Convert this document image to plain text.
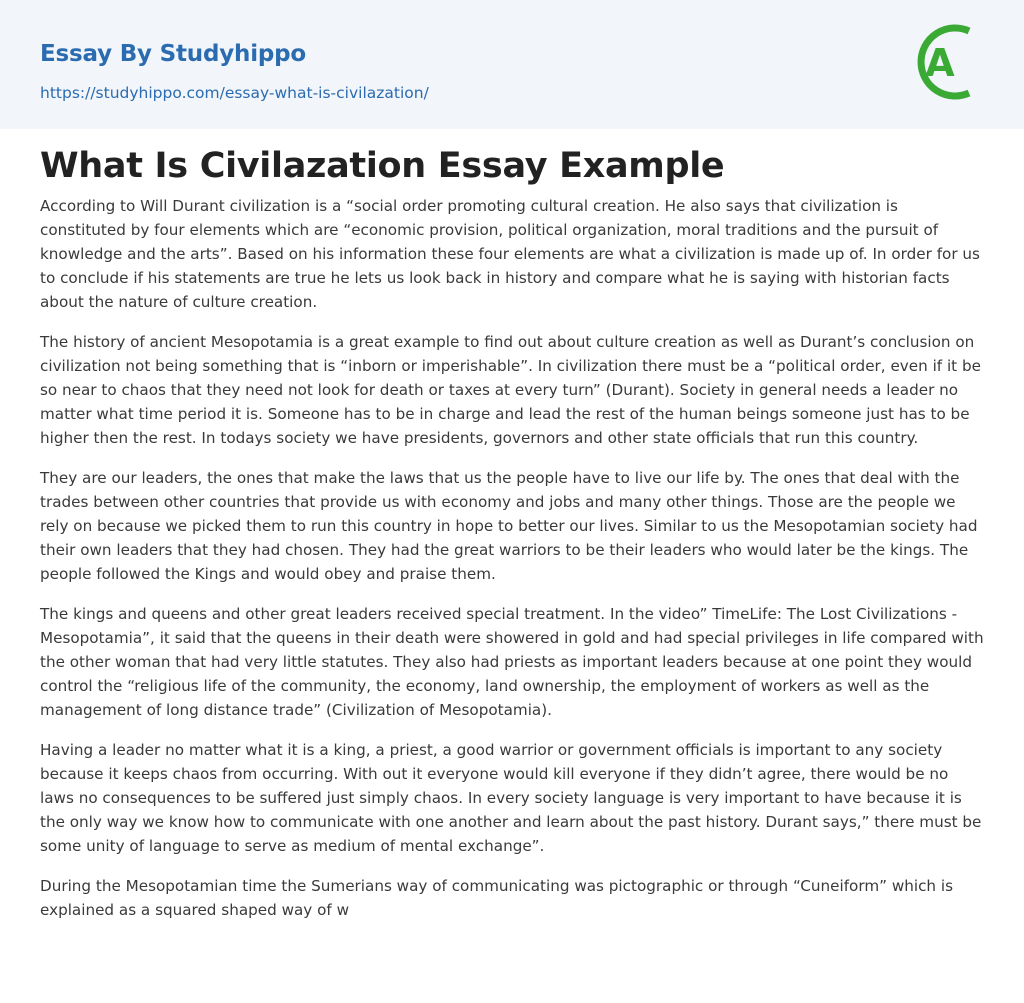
Essay By Studyhippo
https://studyhippo.com/essay-what-is-civilazation/
A
What Is Civilazation Essay Example

According to Will Durant civilization is a “social order promoting cultural creation. He also says that civilization is constituted by four elements which are “economic provision, political organization, moral traditions and the pursuit of knowledge and the arts”. Based on his information these four elements are what a civilization is made up of. In order for us to conclude if his statements are true he lets us look back in history and compare what he is saying with historian facts about the nature of culture creation.

The history of ancient Mesopotamia is a great example to find out about culture creation as well as Durant’s conclusion on civilization not being something that is “inborn or imperishable”. In civilization there must be a “political order, even if it be so near to chaos that they need not look for death or taxes at every turn” (Durant). Society in general needs a leader no matter what time period it is. Someone has to be in charge and lead the rest of the human beings someone just has to be higher then the rest. In todays society we have presidents, governors and other state officials that run this country.

They are our leaders, the ones that make the laws that us the people have to live our life by. The ones that deal with the trades between other countries that provide us with economy and jobs and many other things. Those are the people we rely on because we picked them to run this country in hope to better our lives. Similar to us the Mesopotamian society had their own leaders that they had chosen. They had the great warriors to be their leaders who would later be the kings. The people followed the Kings and would obey and praise them.

The kings and queens and other great leaders received special treatment. In the video” TimeLife: The Lost Civilizations - Mesopotamia”, it said that the queens in their death were showered in gold and had special privileges in life compared with the other woman that had very little statutes. They also had priests as important leaders because at one point they would control the “religious life of the community, the economy, land ownership, the employment of workers as well as the management of long distance trade” (Civilization of Mesopotamia).

Having a leader no matter what it is a king, a priest, a good warrior or government officials is important to any society because it keeps chaos from occurring. With out it everyone would kill everyone if they didn’t agree, there would be no laws no consequences to be suffered just simply chaos. In every society language is very important to have because it is the only way we know how to communicate with one another and learn about the past history. Durant says,” there must be some unity of language to serve as medium of mental exchange”.

During the Mesopotamian time the Sumerians way of communicating was pictographic or through “Cuneiform” which is explained as a squared shaped way of w
